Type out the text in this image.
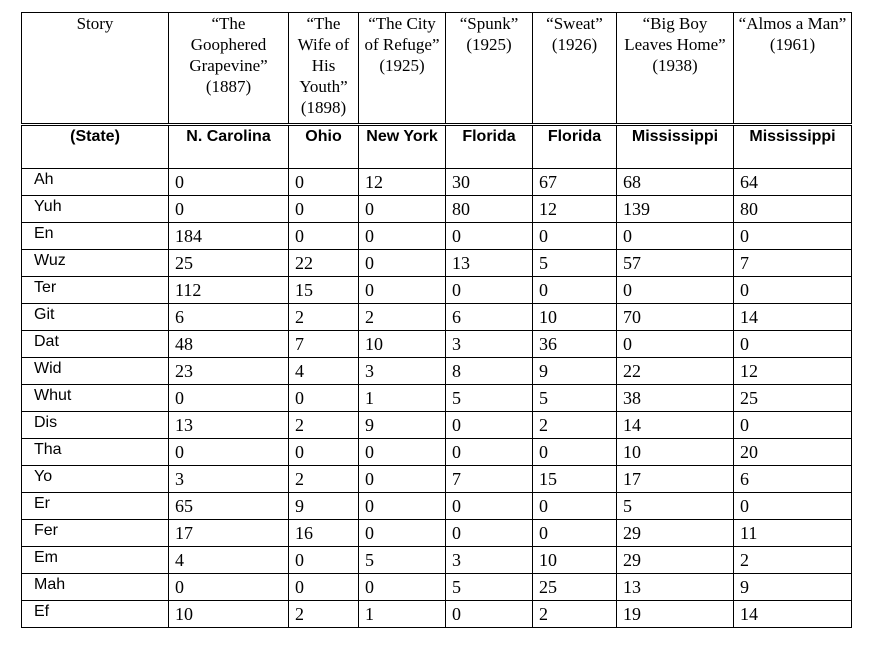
Story	“The Goophered Grapevine” (1887)	“The Wife of His Youth” (1898)	“The City of Refuge” (1925)	“Spunk” (1925)	“Sweat” (1926)	“Big Boy Leaves Home” (1938)	“Almos a Man” (1961)
(State)	N. Carolina	Ohio	New York	Florida	Florida	Mississippi	Mississippi
Ah	0	0	12	30	67	68	64
Yuh	0	0	0	80	12	139	80
En	184	0	0	0	0	0	0
Wuz	25	22	0	13	5	57	7
Ter	112	15	0	0	0	0	0
Git	6	2	2	6	10	70	14
Dat	48	7	10	3	36	0	0
Wid	23	4	3	8	9	22	12
Whut	0	0	1	5	5	38	25
Dis	13	2	9	0	2	14	0
Tha	0	0	0	0	0	10	20
Yo	3	2	0	7	15	17	6
Er	65	9	0	0	0	5	0
Fer	17	16	0	0	0	29	11
Em	4	0	5	3	10	29	2
Mah	0	0	0	5	25	13	9
Ef	10	2	1	0	2	19	14
